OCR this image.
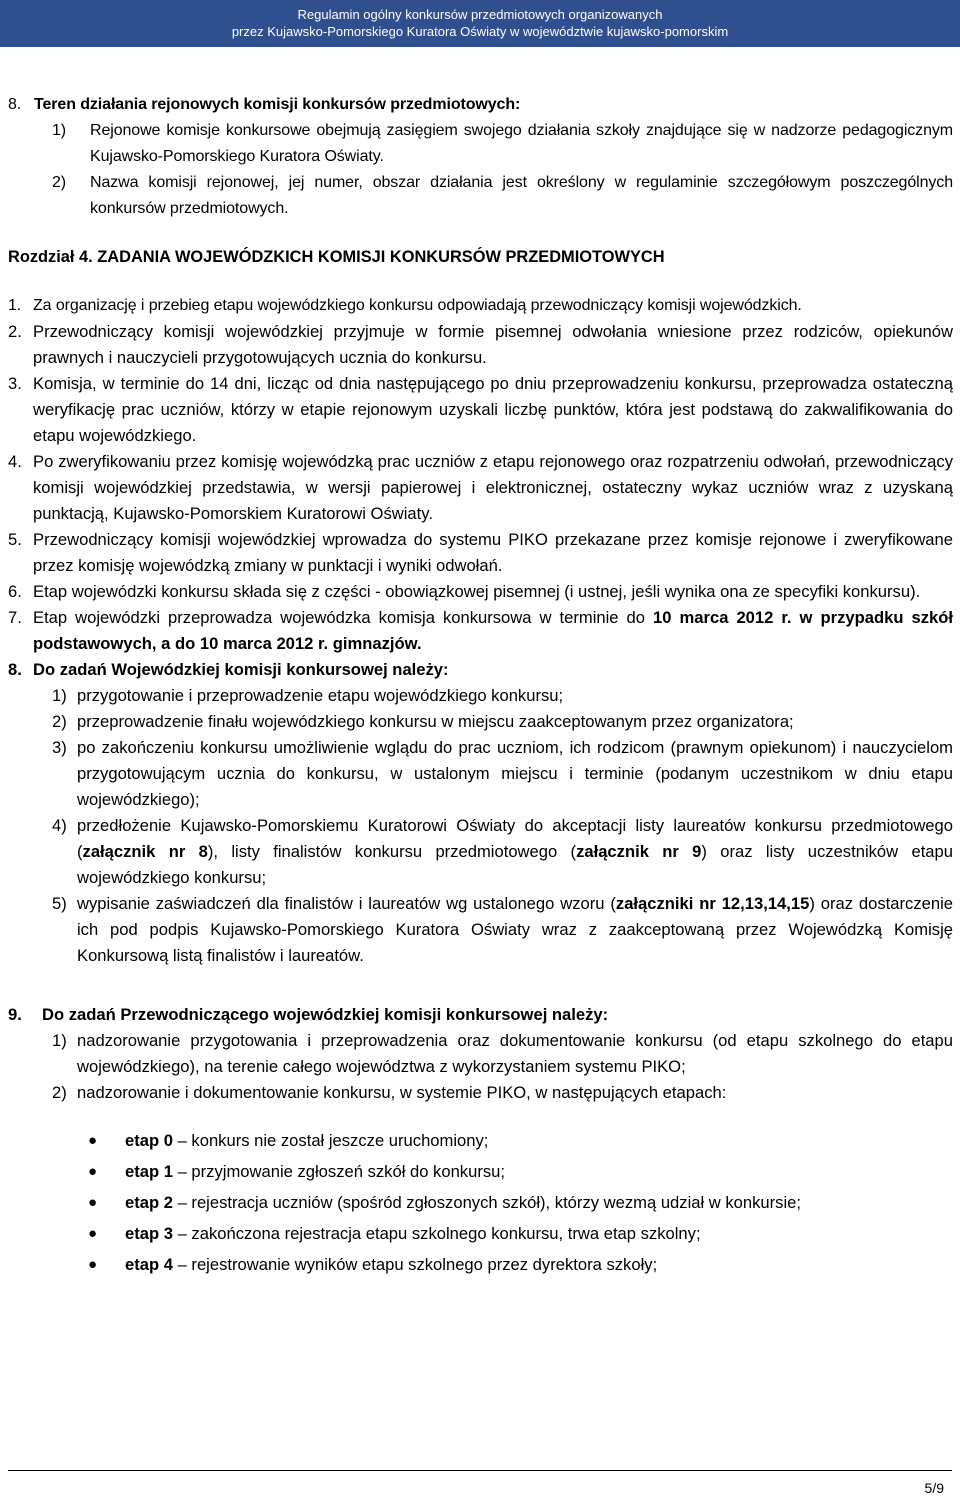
Regulamin ogólny konkursów przedmiotowych organizowanych
przez Kujawsko-Pomorskiego Kuratora Oświaty w województwie kujawsko-pomorskim
8. Teren działania rejonowych komisji konkursów przedmiotowych:
1)	Rejonowe komisje konkursowe obejmują zasięgiem swojego działania szkoły znajdujące się w nadzorze pedagogicznym Kujawsko-Pomorskiego Kuratora Oświaty.
2)	Nazwa komisji rejonowej, jej numer, obszar działania jest określony w regulaminie szczegółowym poszczególnych konkursów przedmiotowych.
Rozdział 4. ZADANIA WOJEWÓDZKICH KOMISJI KONKURSÓW PRZEDMIOTOWYCH
1. Za organizację i przebieg etapu wojewódzkiego konkursu odpowiadają przewodniczący komisji wojewódzkich.
2. Przewodniczący komisji wojewódzkiej przyjmuje w formie pisemnej odwołania wniesione przez rodziców, opiekunów prawnych i nauczycieli przygotowujących ucznia do konkursu.
3. Komisja, w terminie do 14 dni, licząc od dnia następującego po dniu przeprowadzeniu konkursu, przeprowadza ostateczną weryfikację prac uczniów, którzy w etapie rejonowym uzyskali liczbę punktów, która jest podstawą do zakwalifikowania do etapu wojewódzkiego.
4. Po zweryfikowaniu przez komisję wojewódzką prac uczniów z etapu rejonowego oraz rozpatrzeniu odwołań, przewodniczący komisji wojewódzkiej przedstawia, w wersji papierowej i elektronicznej, ostateczny wykaz uczniów wraz z uzyskaną punktacją, Kujawsko-Pomorskiem Kuratorowi Oświaty.
5. Przewodniczący komisji wojewódzkiej wprowadza do systemu PIKO przekazane przez komisje rejonowe i zweryfikowane przez komisję wojewódzką zmiany w punktacji i wyniki odwołań.
6. Etap wojewódzki konkursu składa się z części - obowiązkowej pisemnej (i ustnej, jeśli wynika ona ze specyfiki konkursu).
7. Etap wojewódzki przeprowadza wojewódzka komisja konkursowa w terminie do 10 marca 2012 r. w przypadku szkół podstawowych, a do 10 marca 2012 r. gimnazjów.
8. Do zadań Wojewódzkiej komisji konkursowej należy:
1) przygotowanie i przeprowadzenie etapu wojewódzkiego konkursu;
2) przeprowadzenie finału wojewódzkiego konkursu w miejscu zaakceptowanym przez organizatora;
3) po zakończeniu konkursu umożliwienie wglądu do prac uczniom, ich rodzicom (prawnym opiekunom) i nauczycielom przygotowującym ucznia do konkursu, w ustalonym miejscu i terminie (podanym uczestnikom w dniu etapu wojewódzkiego);
4) przedłożenie Kujawsko-Pomorskiemu Kuratorowi Oświaty do akceptacji listy laureatów konkursu przedmiotowego (załącznik nr 8), listy finalistów konkursu przedmiotowego (załącznik nr 9) oraz listy uczestników etapu wojewódzkiego konkursu;
5) wypisanie zaświadczeń dla finalistów i laureatów wg ustalonego wzoru (załączniki nr 12,13,14,15) oraz dostarczenie ich pod podpis Kujawsko-Pomorskiego Kuratora Oświaty wraz z zaakceptowaną przez Wojewódzką Komisję Konkursową listą finalistów i laureatów.
9.	Do zadań Przewodniczącego wojewódzkiej komisji konkursowej należy:
1) nadzorowanie przygotowania i przeprowadzenia oraz dokumentowanie konkursu (od etapu szkolnego do etapu wojewódzkiego), na terenie całego województwa z wykorzystaniem systemu PIKO;
2) nadzorowanie i dokumentowanie konkursu, w systemie PIKO, w następujących etapach:
●	etap 0 – konkurs nie został jeszcze uruchomiony;
●	etap 1 – przyjmowanie zgłoszeń szkół do konkursu;
●	etap 2 – rejestracja uczniów (spośród zgłoszonych szkół), którzy wezmą udział w konkursie;
●	etap 3 – zakończona rejestracja etapu szkolnego konkursu, trwa etap szkolny;
●	etap 4 – rejestrowanie wyników etapu szkolnego przez dyrektora szkoły;
5/9
